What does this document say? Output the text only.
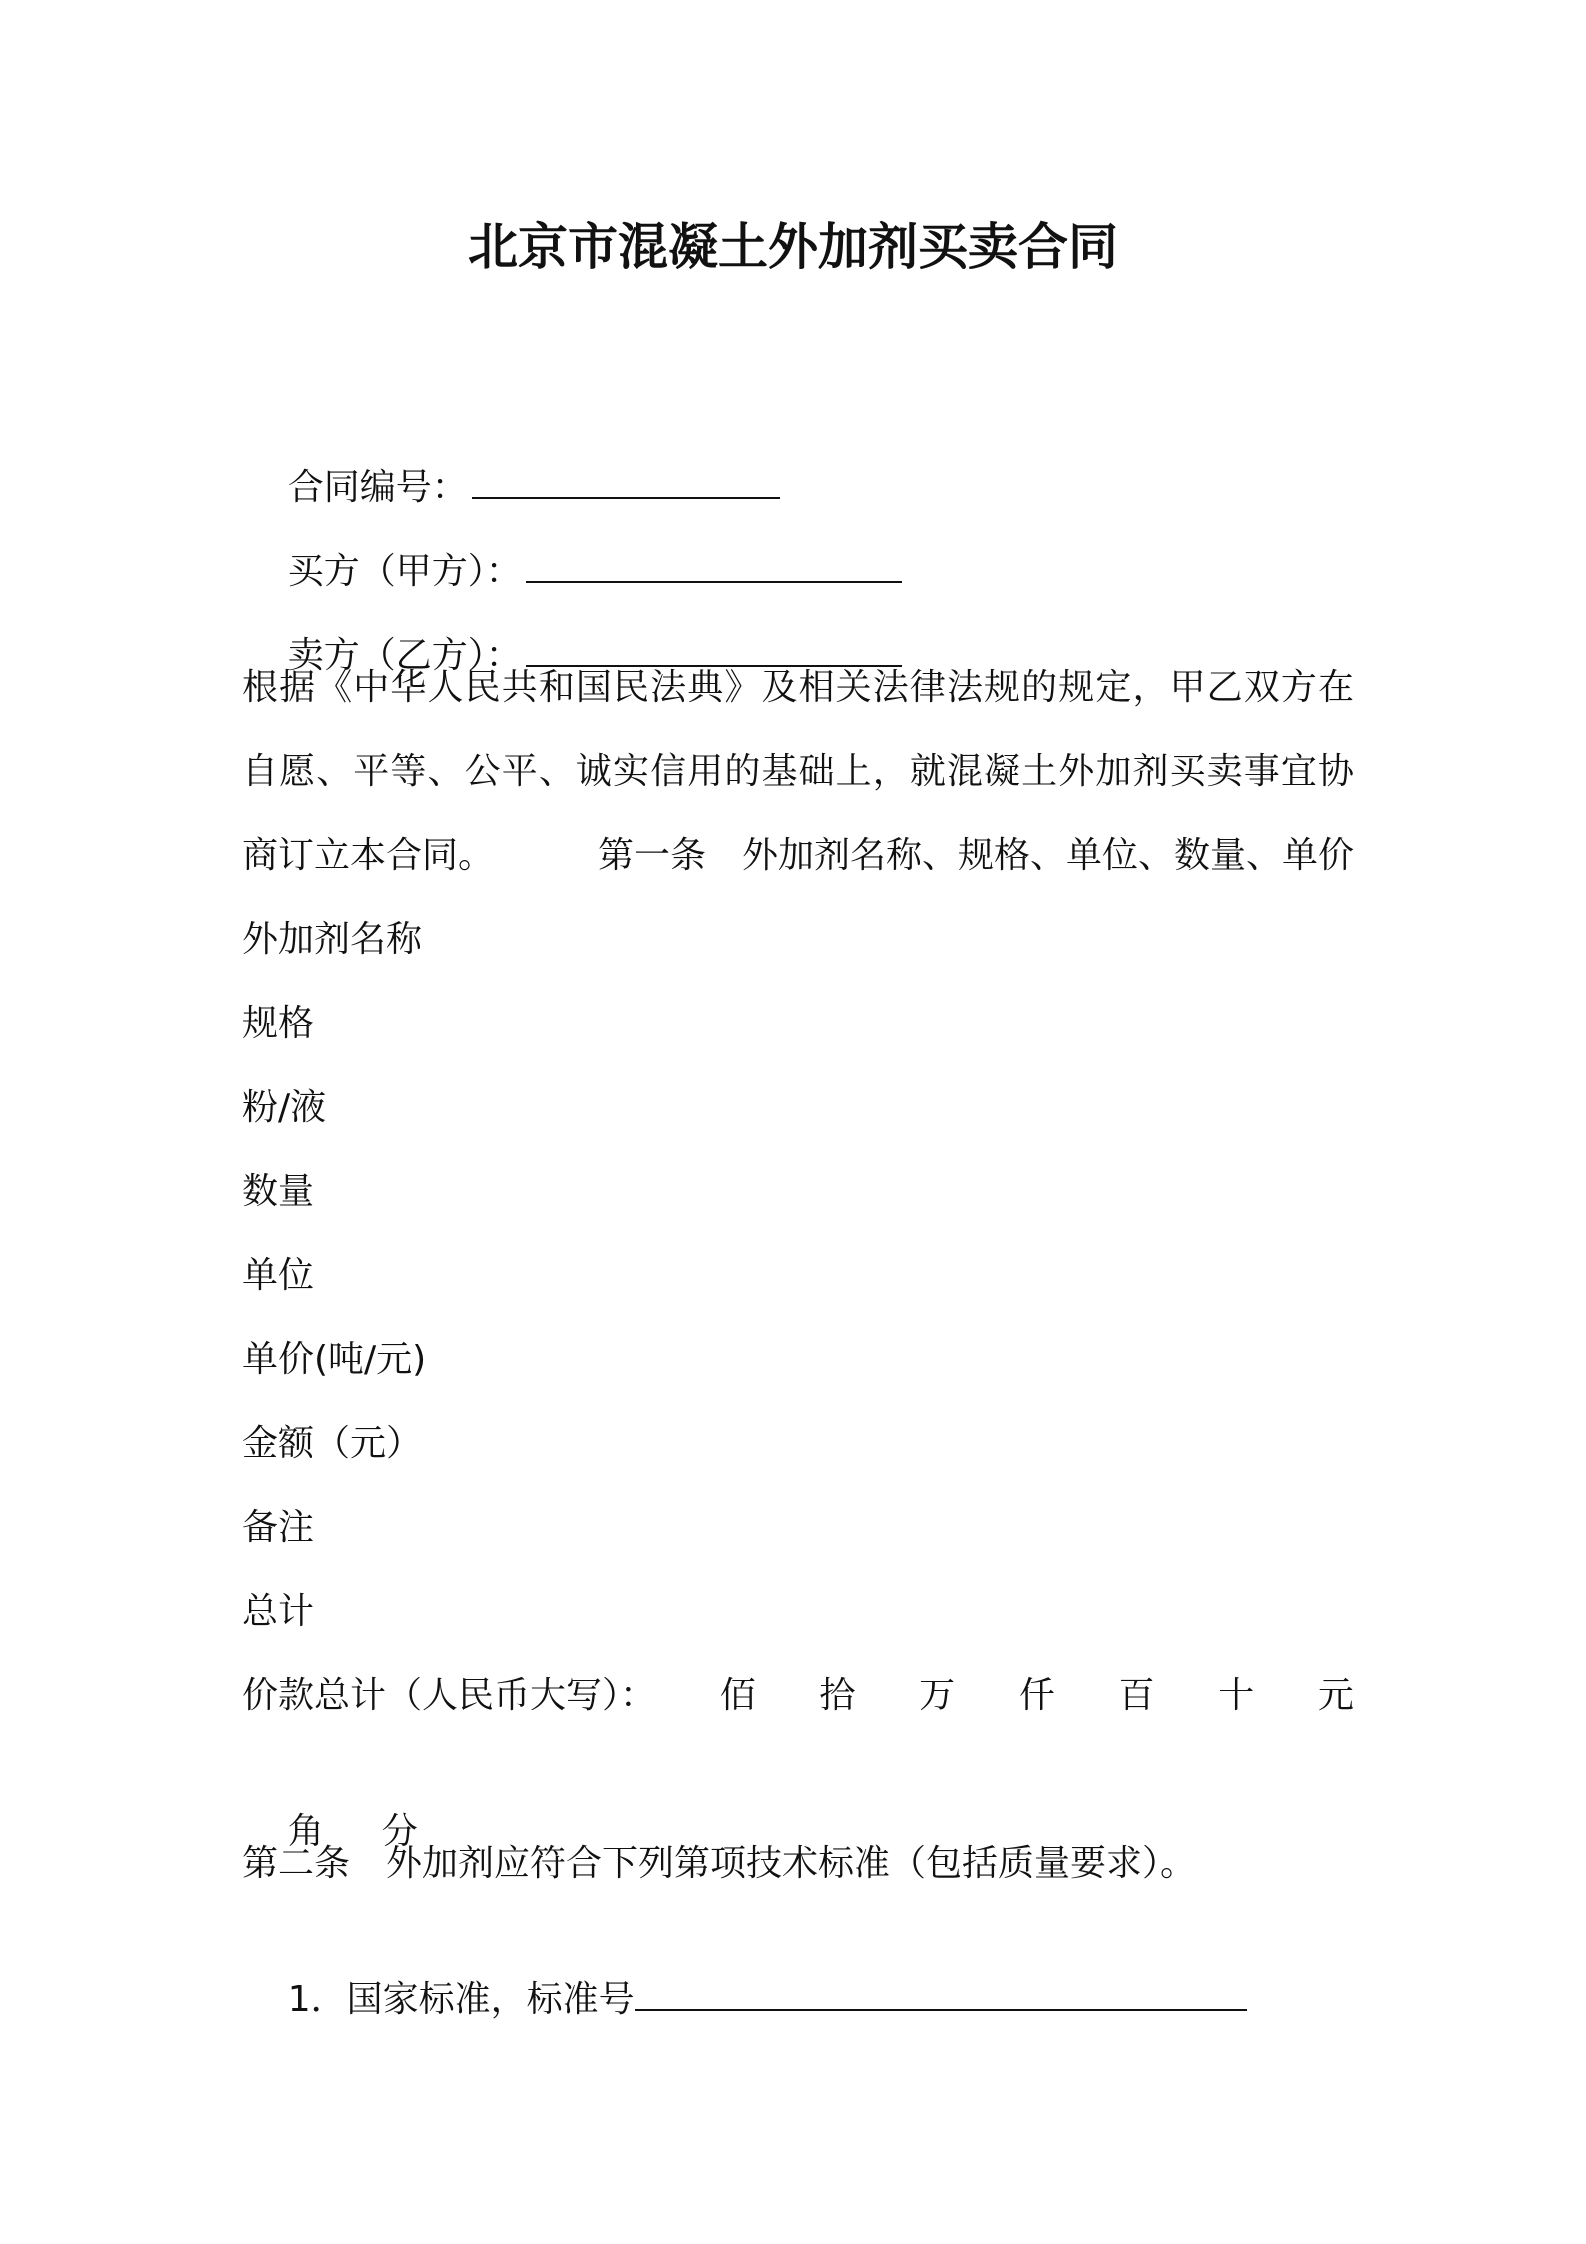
北京市混凝土外加剂买卖合同

合同编号：

买方（甲方）：

卖方（乙方）：

根据《中华人民共和国民法典》及相关法律法规的规定，甲乙双方在
自愿、平等、公平、诚实信用的基础上，就混凝土外加剂买卖事宜协
商订立本合同。	第一条　外加剂名称、规格、单位、数量、单价
外加剂名称
规格
粉/液
数量
单位
单价(吨/元)
金额（元）
备注
总计
价款总计（人民币大写）： 佰 拾 万 仟 百 十 元

角 分

第二条　外加剂应符合下列第项技术标准（包括质量要求）。

1．国家标准，标准号
